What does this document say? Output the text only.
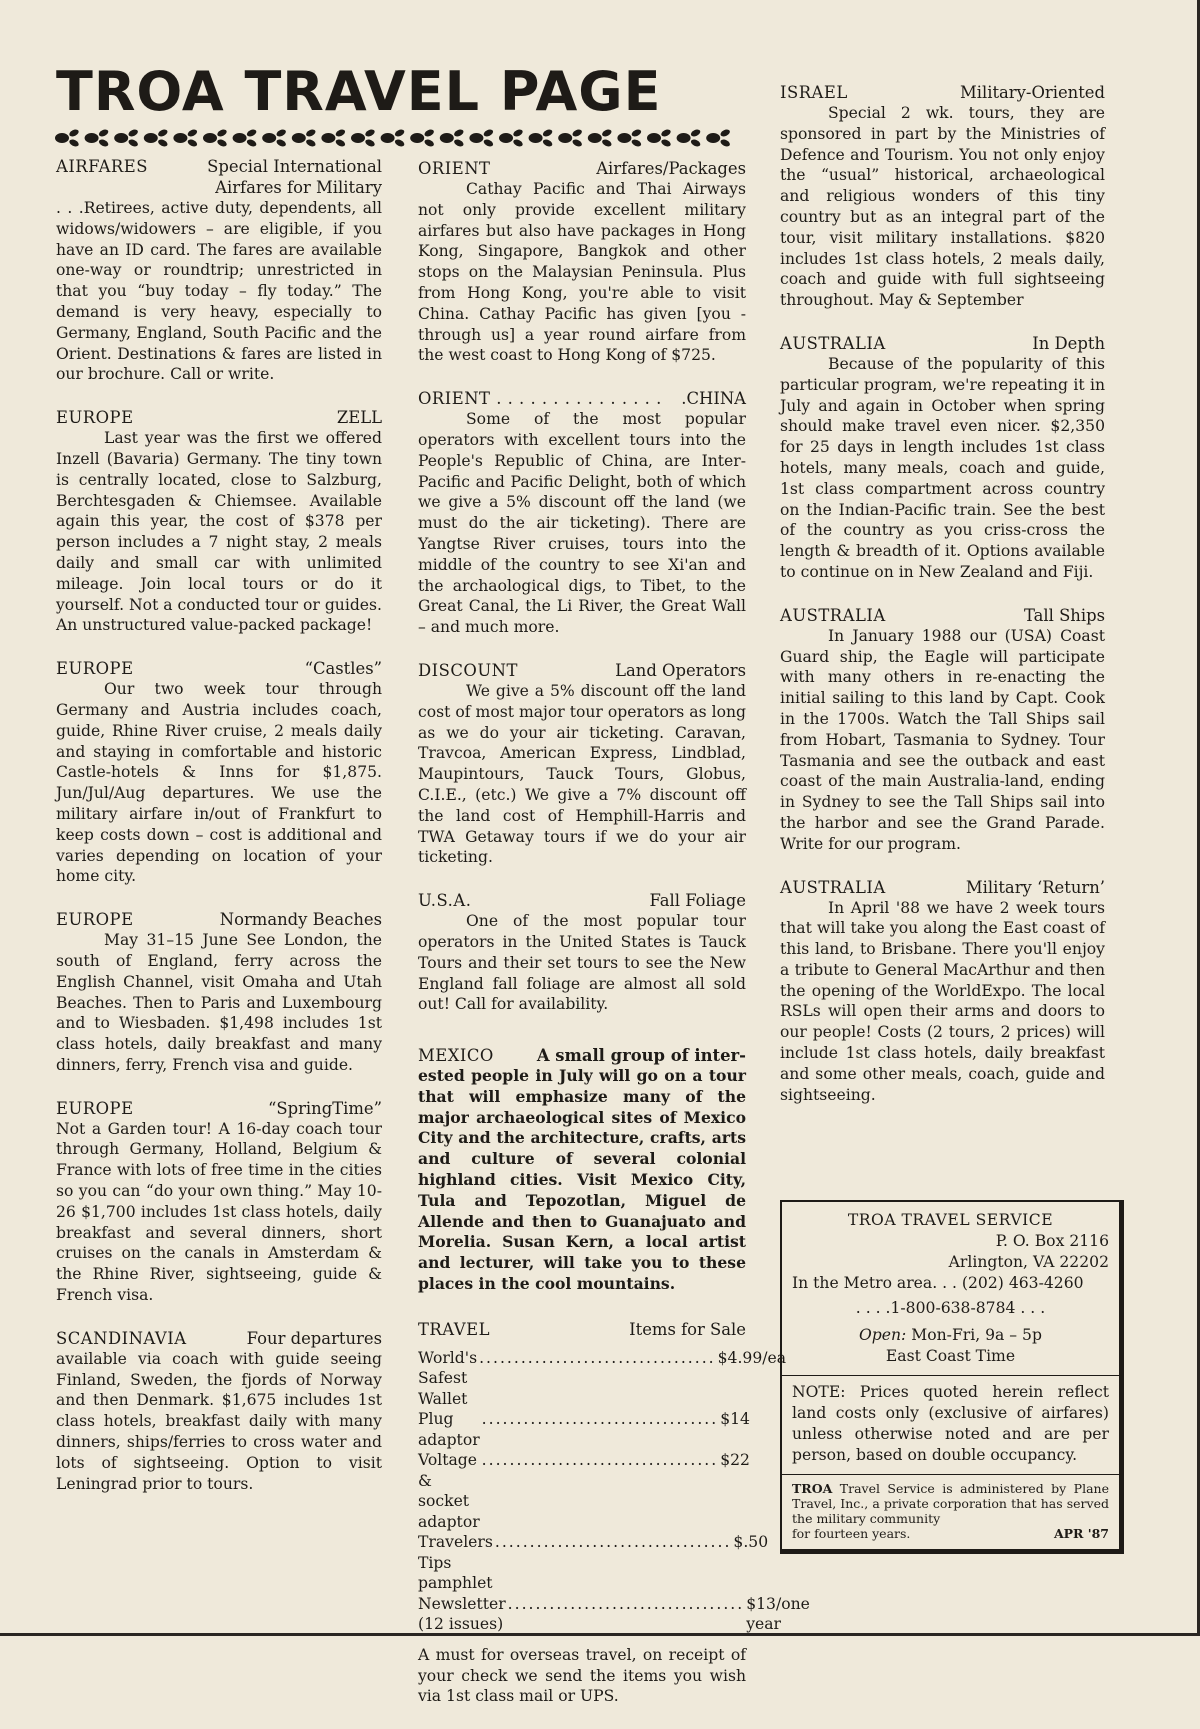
TROA TRAVEL PAGE
AIRFARES	Special International
Airfares for Military

. . .Retirees, active duty, dependents, all widows/widowers – are eligible, if you have an ID card. The fares are available one-way or roundtrip; unrestricted in that you “buy today – fly today.” The demand is very heavy, especially to Germany, England, South Pacific and the Orient. Destinations & fares are listed in our brochure. Call or write.

EUROPE	ZELL

Last year was the first we offered Inzell (Bavaria) Germany. The tiny town is centrally located, close to Salzburg, Berchtesgaden & Chiemsee. Available again this year, the cost of $378 per person includes a 7 night stay, 2 meals daily and small car with unlimited mileage. Join local tours or do it yourself. Not a conducted tour or guides. An unstructured value-packed package!

EUROPE	“Castles”

Our two week tour through Germany and Austria includes coach, guide, Rhine River cruise, 2 meals daily and staying in comfortable and historic Castle-hotels & Inns for $1,875. Jun/Jul/Aug departures. We use the military airfare in/out of Frankfurt to keep costs down – cost is additional and varies depending on location of your home city.

EUROPE	Normandy Beaches

May 31–15 June See London, the south of England, ferry across the English Channel, visit Omaha and Utah Beaches. Then to Paris and Luxembourg and to Wiesbaden. $1,498 includes 1st class hotels, daily breakfast and many dinners, ferry, French visa and guide.

EUROPE	“SpringTime”

Not a Garden tour! A 16-day coach tour through Germany, Holland, Belgium & France with lots of free time in the cities so you can “do your own thing.” May 10-26 $1,700 includes 1st class hotels, daily breakfast and several dinners, short cruises on the canals in Amsterdam & the Rhine River, sightseeing, guide & French visa.

SCANDINAVIA	Four departures

available via coach with guide seeing Finland, Sweden, the fjords of Norway and then Denmark. $1,675 includes 1st class hotels, breakfast daily with many dinners, ships/ferries to cross water and lots of sightseeing. Option to visit Leningrad prior to tours.

ORIENT	Airfares/Packages

Cathay Pacific and Thai Airways not only provide excellent military airfares but also have packages in Hong Kong, Singapore, Bangkok and other stops on the Malaysian Peninsula. Plus from Hong Kong, you're able to visit China. Cathay Pacific has given [you - through us] a year round airfare from the west coast to Hong Kong of $725.

ORIENT . . . . . . . . . . . . . . . .CHINA

Some of the most popular operators with excellent tours into the People's Republic of China, are Inter-Pacific and Pacific Delight, both of which we give a 5% discount off the land (we must do the air ticketing). There are Yangtse River cruises, tours into the middle of the country to see Xi'an and the archaological digs, to Tibet, to the Great Canal, the Li River, the Great Wall – and much more.

DISCOUNT	Land Operators

We give a 5% discount off the land cost of most major tour operators as long as we do your air ticketing. Caravan, Travcoa, American Express, Lindblad, Maupintours, Tauck Tours, Globus, C.I.E., (etc.) We give a 7% discount off the land cost of Hemphill-Harris and TWA Getaway tours if we do your air ticketing.

U.S.A.	Fall Foliage

One of the most popular tour operators in the United States is Tauck Tours and their set tours to see the New England fall foliage are almost all sold out! Call for availability.

MEXICO	A small group of inter-

ested people in July will go on a tour that will emphasize many of the major archaeological sites of Mexico City and the architecture, crafts, arts and culture of several colonial highland cities. Visit Mexico City, Tula and Tepozotlan, Miguel de Allende and then to Guanajuato and Morelia. Susan Kern, a local artist and lecturer, will take you to these places in the cool mountains.

TRAVEL	Items for Sale
World's Safest Wallet
.................................. $4.99/ea
Plug adaptor
.................................. $14
Voltage & socket adaptor
.................................. $22
Travelers Tips pamphlet
.................................. $.50
Newsletter (12 issues)
.................................. $13/one year

A must for overseas travel, on receipt of your check we send the items you wish via 1st class mail or UPS.

ISRAEL	Military-Oriented

Special 2 wk. tours, they are sponsored in part by the Ministries of Defence and Tourism. You not only enjoy the “usual” historical, archaeological and religious wonders of this tiny country but as an integral part of the tour, visit military installations. $820 includes 1st class hotels, 2 meals daily, coach and guide with full sightseeing throughout. May & September

AUSTRALIA	In Depth

Because of the popularity of this particular program, we're repeating it in July and again in October when spring should make travel even nicer. $2,350 for 25 days in length includes 1st class hotels, many meals, coach and guide, 1st class compartment across country on the Indian-Pacific train. See the best of the country as you criss-cross the length & breadth of it. Options available to continue on in New Zealand and Fiji.

AUSTRALIA	Tall Ships

In January 1988 our (USA) Coast Guard ship, the Eagle will participate with many others in re-enacting the initial sailing to this land by Capt. Cook in the 1700s. Watch the Tall Ships sail from Hobart, Tasmania to Sydney. Tour Tasmania and see the outback and east coast of the main Australia-land, ending in Sydney to see the Tall Ships sail into the harbor and see the Grand Parade. Write for our program.

AUSTRALIA	Military ‘Return’

In April '88 we have 2 week tours that will take you along the East coast of this land, to Brisbane. There you'll enjoy a tribute to General MacArthur and then the opening of the WorldExpo. The local RSLs will open their arms and doors to our people! Costs (2 tours, 2 prices) will include 1st class hotels, daily breakfast and some other meals, coach, guide and sightseeing.

TROA TRAVEL SERVICE
P. O. Box 2116
Arlington, VA 22202
In the Metro area. . . (202) 463-4260
. . . .1-800-638-8784 . . .
Open: Mon-Fri, 9a – 5p
East Coast Time
NOTE: Prices quoted herein reflect land costs only (exclusive of airfares) unless otherwise noted and are per person, based on double occupancy.
TROA Travel Service is administered by Plane Travel, Inc., a private corporation that has served the military community
for fourteen years.	APR '87
